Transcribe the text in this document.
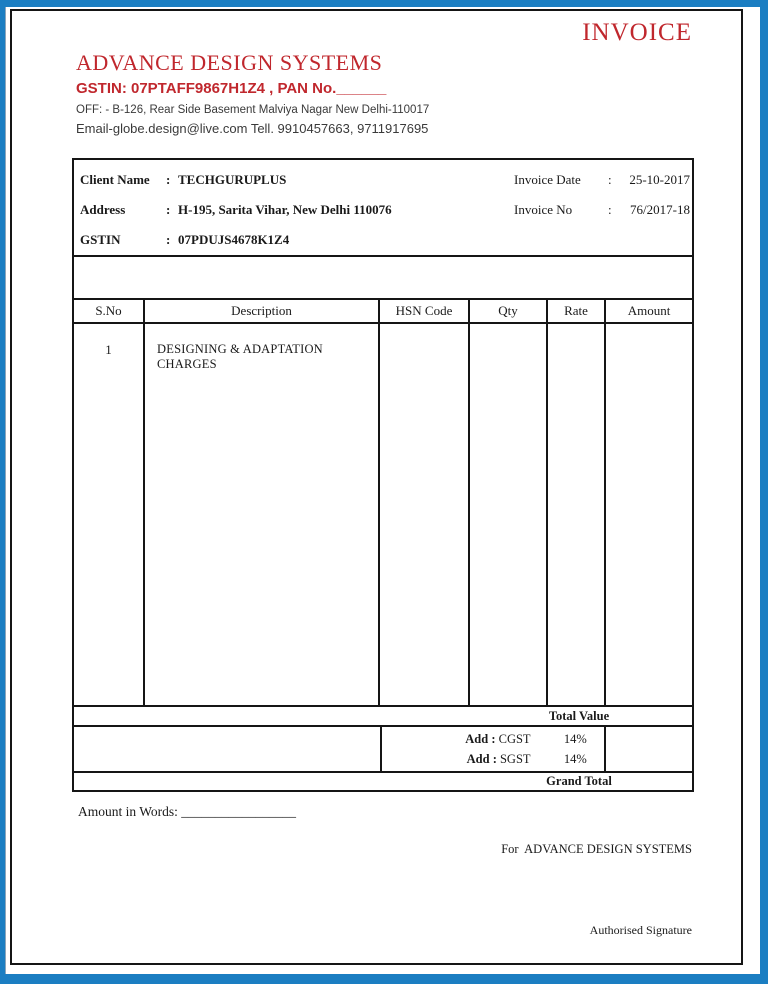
INVOICE
ADVANCE DESIGN SYSTEMS
GSTIN: 07PTAFF9867H1Z4 , PAN No.______
OFF: - B-126, Rear Side Basement Malviya Nagar New Delhi-110017
Email-globe.design@live.com Tell. 9910457663, 9711917695
Client Name	: TECHGURUPLUS	Invoice Date	:	25-10-2017
Address	: H-195, Sarita Vihar, New Delhi 110076	Invoice No	:	76/2017-18
GSTIN	: 07PDUJS4678K1Z4
S.No	Description	HSN Code	Qty	Rate	Amount
1	DESIGNING & ADAPTATION CHARGES
Total Value
Add : CGST	14%
Add : SGST	14%
Grand Total
Amount in Words: _________________
For  ADVANCE DESIGN SYSTEMS
Authorised Signature
